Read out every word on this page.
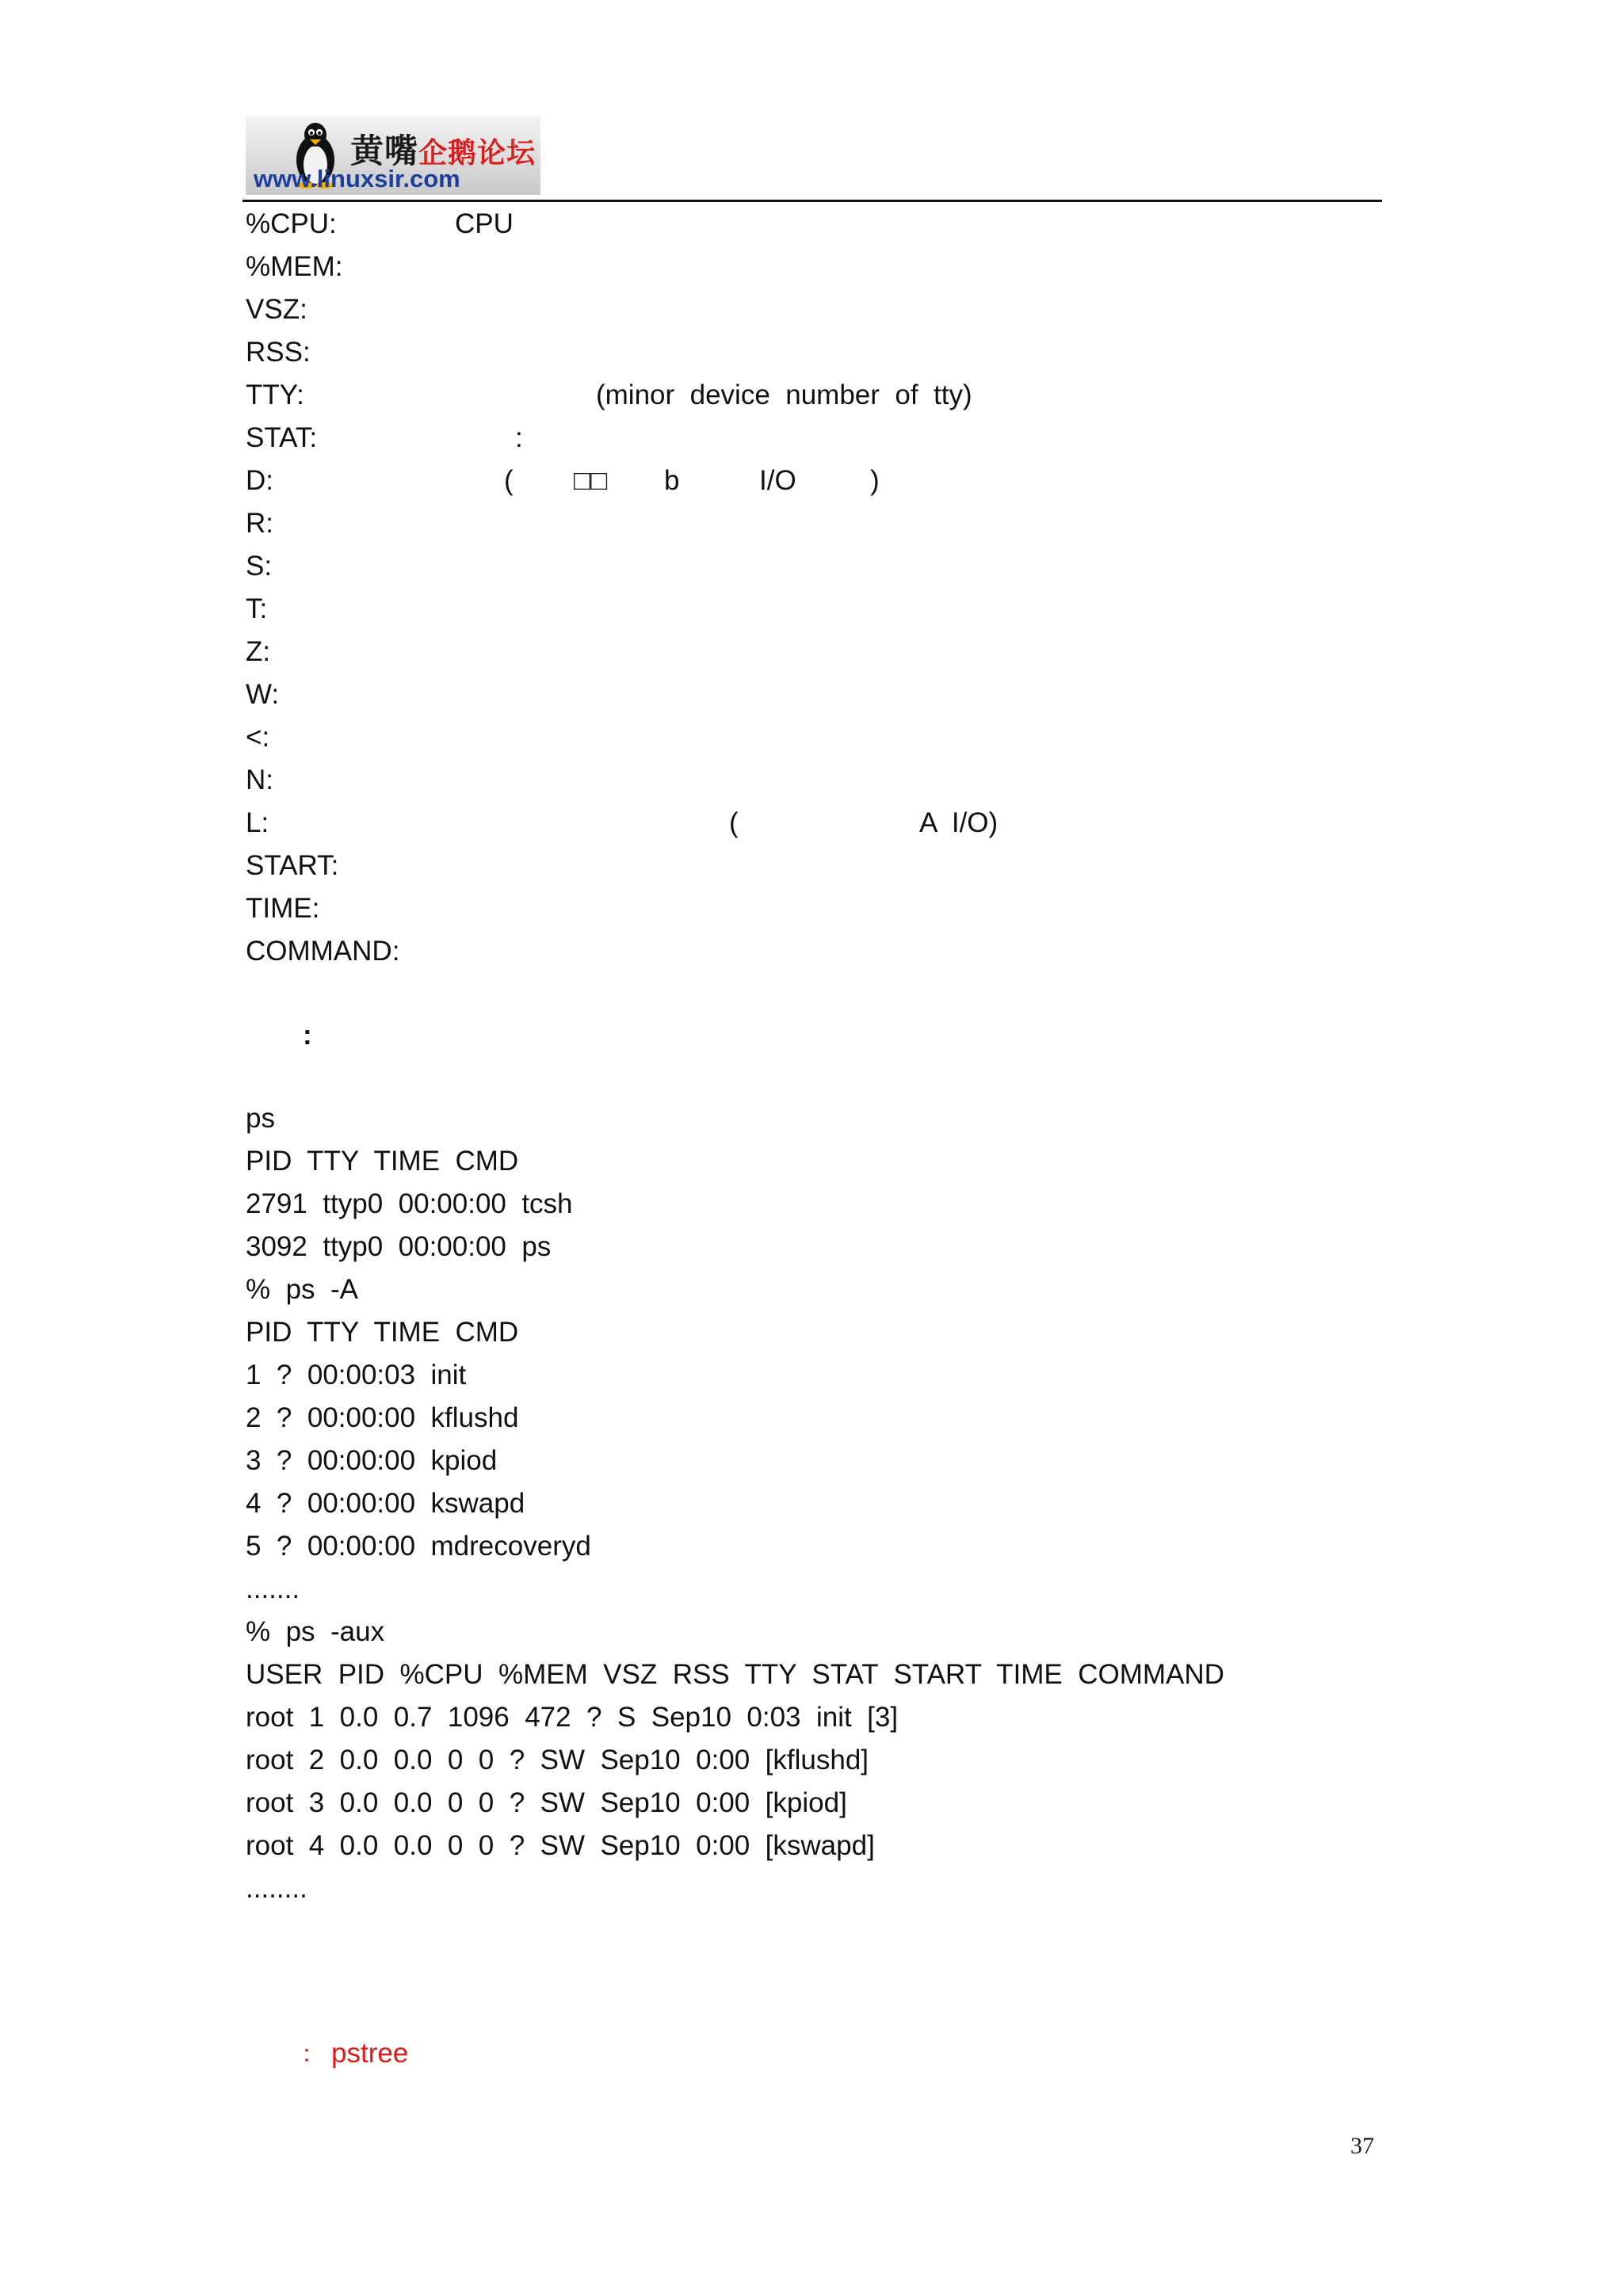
黄嘴企鹅论坛
www.linuxsir.com
%CPU:	CPU
%MEM:
VSZ:
RSS:
TTY:	(minor  device  number  of  tty)
STAT:	:
D:	( □□ b	I/O	)
R:
S:
T:
Z:
W:
<:
N:
L:	(	A  I/O)
START:
TIME:
COMMAND:
:
ps
PID  TTY  TIME  CMD
2791  ttyp0  00:00:00  tcsh
3092  ttyp0  00:00:00  ps
%  ps  -A
PID  TTY  TIME  CMD
1  ?  00:00:03  init
2  ?  00:00:00  kflushd
3  ?  00:00:00  kpiod
4  ?  00:00:00  kswapd
5  ?  00:00:00  mdrecoveryd
.......
%  ps  -aux
USER  PID  %CPU  %MEM  VSZ  RSS  TTY  STAT  START  TIME  COMMAND
root  1  0.0  0.7  1096  472  ?  S  Sep10  0:03  init  [3]
root  2  0.0  0.0  0  0  ?  SW  Sep10  0:00  [kflushd]
root  3  0.0  0.0  0  0  ?  SW  Sep10  0:00  [kpiod]
root  4  0.0  0.0  0  0  ?  SW  Sep10  0:00  [kswapd]
........
： pstree
37
